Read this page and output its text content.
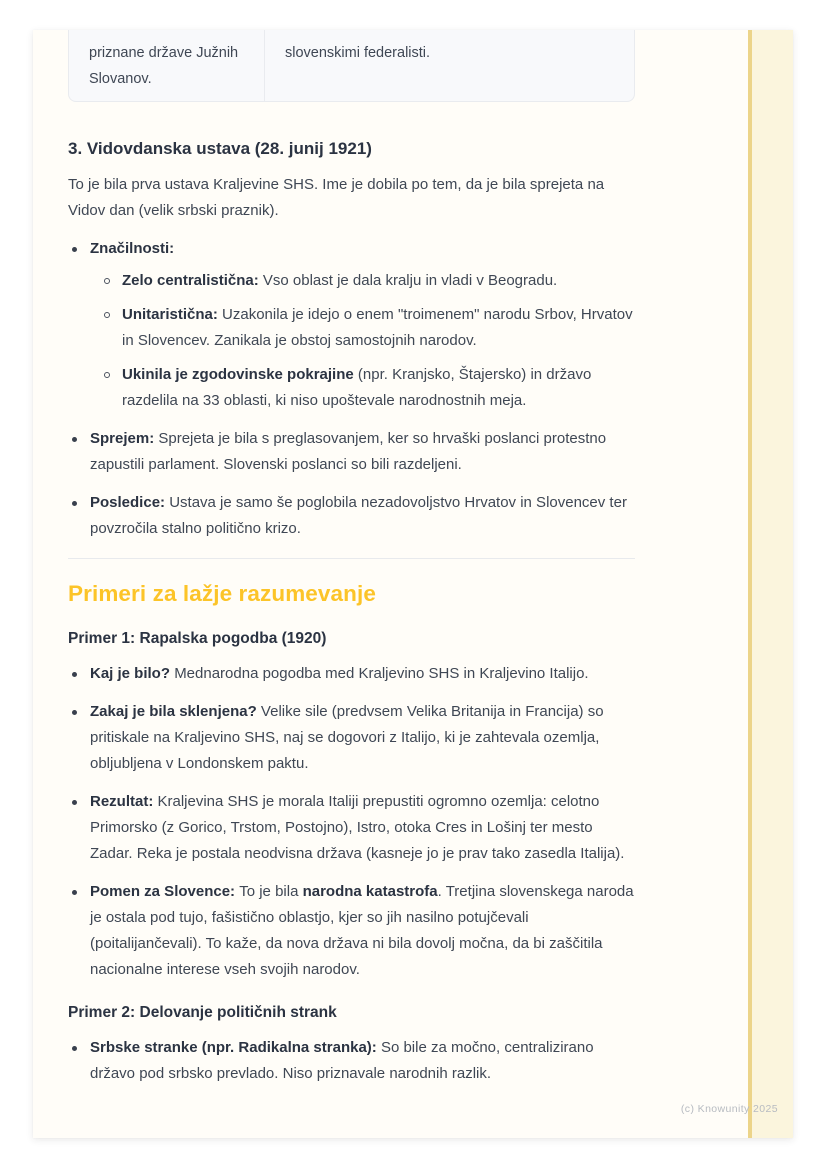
priznane države Južnih Slovanov.
slovenskimi federalisti.
3. Vidovdanska ustava (28. junij 1921)

To je bila prva ustava Kraljevine SHS. Ime je dobila po tem, da je bila sprejeta na Vidov dan (velik srbski praznik).

Značilnosti:
Zelo centralistična: Vso oblast je dala kralju in vladi v Beogradu.
Unitaristična: Uzakonila je idejo o enem "troimenem" narodu Srbov, Hrvatov in Slovencev. Zanikala je obstoj samostojnih narodov.
Ukinila je zgodovinske pokrajine (npr. Kranjsko, Štajersko) in državo razdelila na 33 oblasti, ki niso upoštevale narodnostnih meja.
Sprejem: Sprejeta je bila s preglasovanjem, ker so hrvaški poslanci protestno zapustili parlament. Slovenski poslanci so bili razdeljeni.
Posledice: Ustava je samo še poglobila nezadovoljstvo Hrvatov in Slovencev ter povzročila stalno politično krizo.
Primeri za lažje razumevanje
Primer 1: Rapalska pogodba (1920)
Kaj je bilo? Mednarodna pogodba med Kraljevino SHS in Kraljevino Italijo.
Zakaj je bila sklenjena? Velike sile (predvsem Velika Britanija in Francija) so pritiskale na Kraljevino SHS, naj se dogovori z Italijo, ki je zahtevala ozemlja, obljubljena v Londonskem paktu.
Rezultat: Kraljevina SHS je morala Italiji prepustiti ogromno ozemlja: celotno Primorsko (z Gorico, Trstom, Postojno), Istro, otoka Cres in Lošinj ter mesto Zadar. Reka je postala neodvisna država (kasneje jo je prav tako zasedla Italija).
Pomen za Slovence: To je bila narodna katastrofa. Tretjina slovenskega naroda je ostala pod tujo, fašistično oblastjo, kjer so jih nasilno potujčevali (poitalijančevali). To kaže, da nova država ni bila dovolj močna, da bi zaščitila nacionalne interese vseh svojih narodov.
Primer 2: Delovanje političnih strank
Srbske stranke (npr. Radikalna stranka): So bile za močno, centralizirano državo pod srbsko prevlado. Niso priznavale narodnih razlik.
(c) Knowunity 2025
